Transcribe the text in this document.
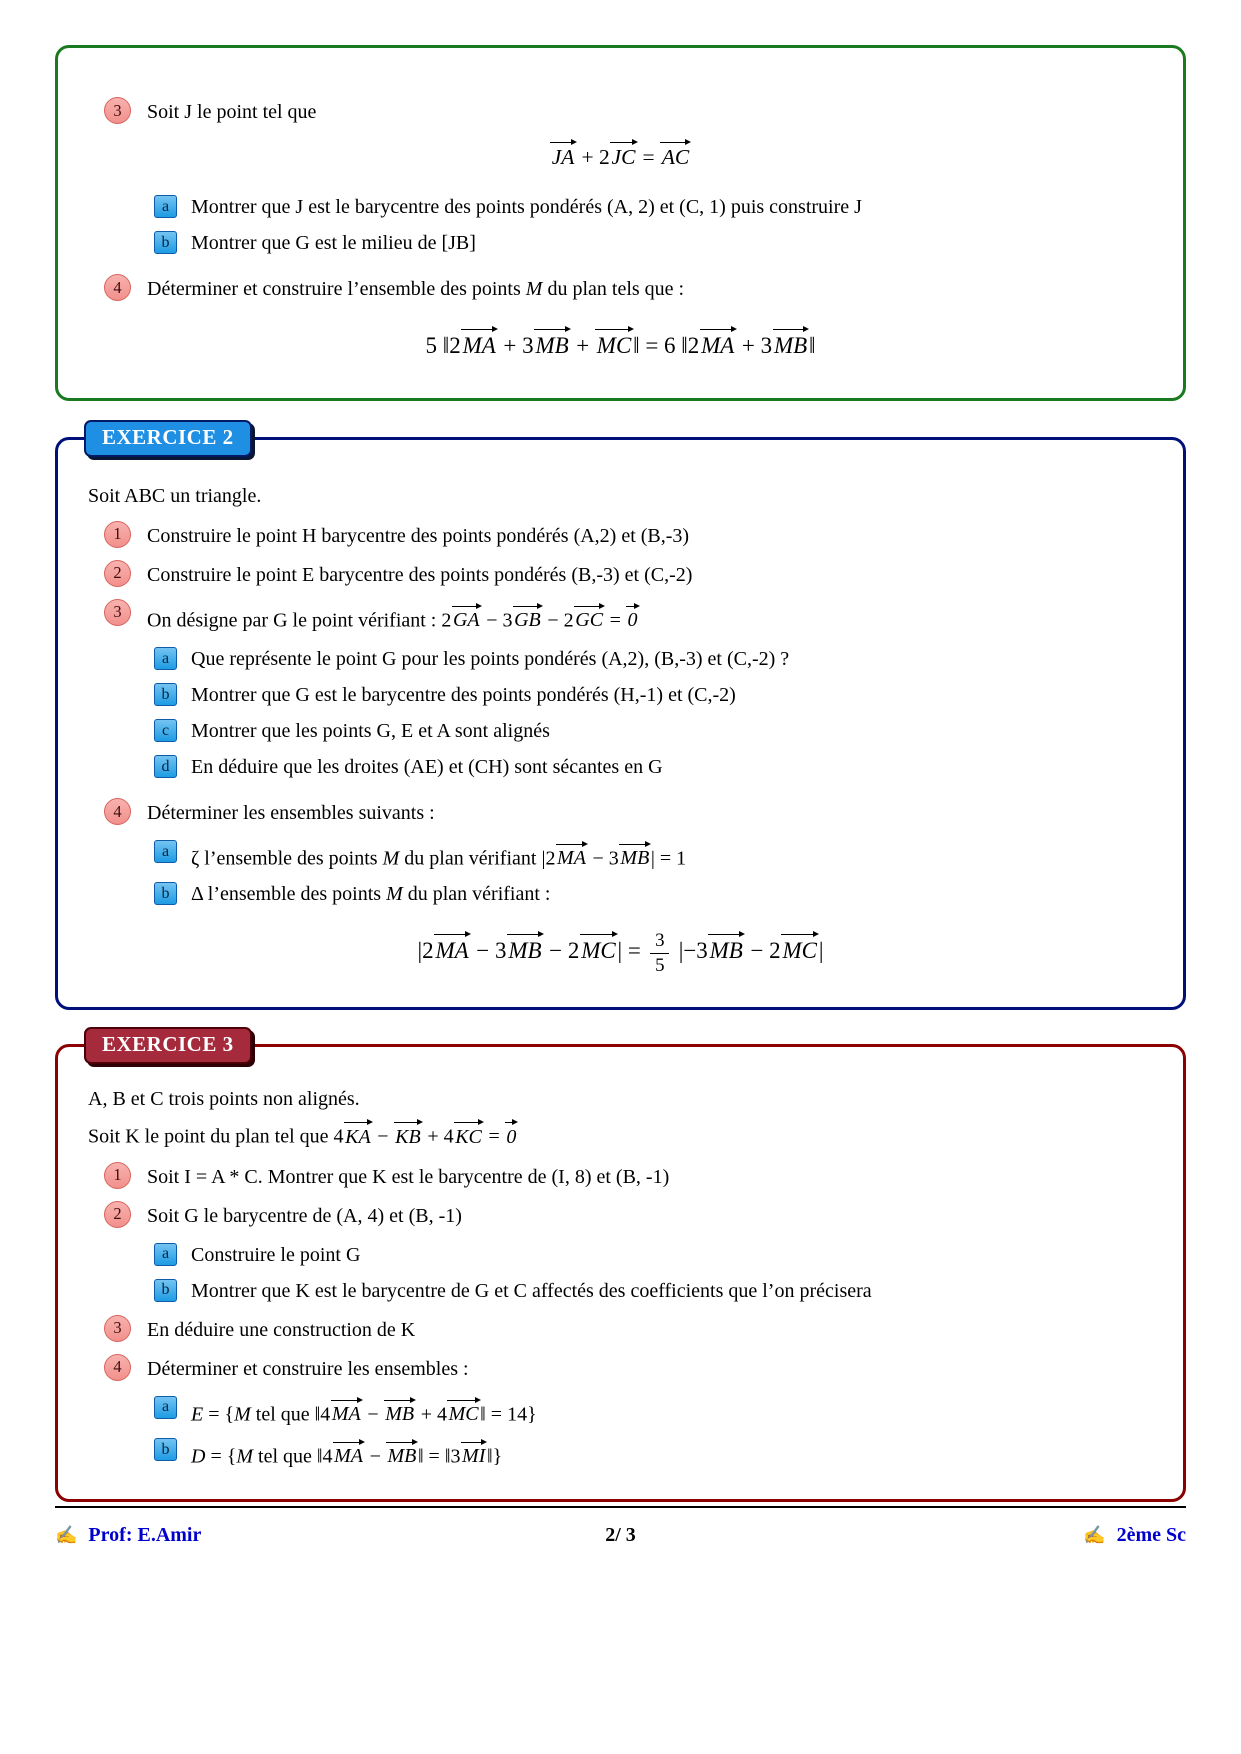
3	Soit J le point tel que
JA + 2JC = AC
a	Montrer que J est le barycentre des points pondérés (A, 2) et (C, 1) puis construire J
b	Montrer que G est le milieu de [JB]
4	Déterminer et construire l’ensemble des points M du plan tels que :
5 ‖2MA + 3MB + MC‖ = 6 ‖2MA + 3MB‖
EXERCICE 2
Soit ABC un triangle.
1	Construire le point H barycentre des points pondérés (A,2) et (B,-3)
2	Construire le point E barycentre des points pondérés (B,-3) et (C,-2)
3	On désigne par G le point vérifiant : 2GA − 3GB − 2GC = 0
a	Que représente le point G pour les points pondérés (A,2), (B,-3) et (C,-2) ?
b	Montrer que G est le barycentre des points pondérés (H,-1) et (C,-2)
c	Montrer que les points G, E et A sont alignés
d	En déduire que les droites (AE) et (CH) sont sécantes en G
4	Déterminer les ensembles suivants :
a	ζ l’ensemble des points M du plan vérifiant |2MA − 3MB| = 1
b	Δ l’ensemble des points M du plan vérifiant :
$|2MA - 3MB - 2MC| = \frac{3}{5} |-3MB - 2MC|$
EXERCICE 3
A, B et C trois points non alignés.
Soit K le point du plan tel que 4KA − KB + 4KC = 0
1	Soit I = A * C. Montrer que K est le barycentre de (I, 8) et (B, -1)
2	Soit G le barycentre de (A, 4) et (B, -1)
a	Construire le point G
b	Montrer que K est le barycentre de G et C affectés des coefficients que l’on précisera
3	En déduire une construction de K
4	Déterminer et construire les ensembles :
a	E = {M tel que ‖4MA − MB + 4MC‖ = 14}
b	D = {M tel que ‖4MA − MB‖ = ‖3MI‖}
✍ Prof: E.Amir	2/ 3	✍ 2ème Sc
